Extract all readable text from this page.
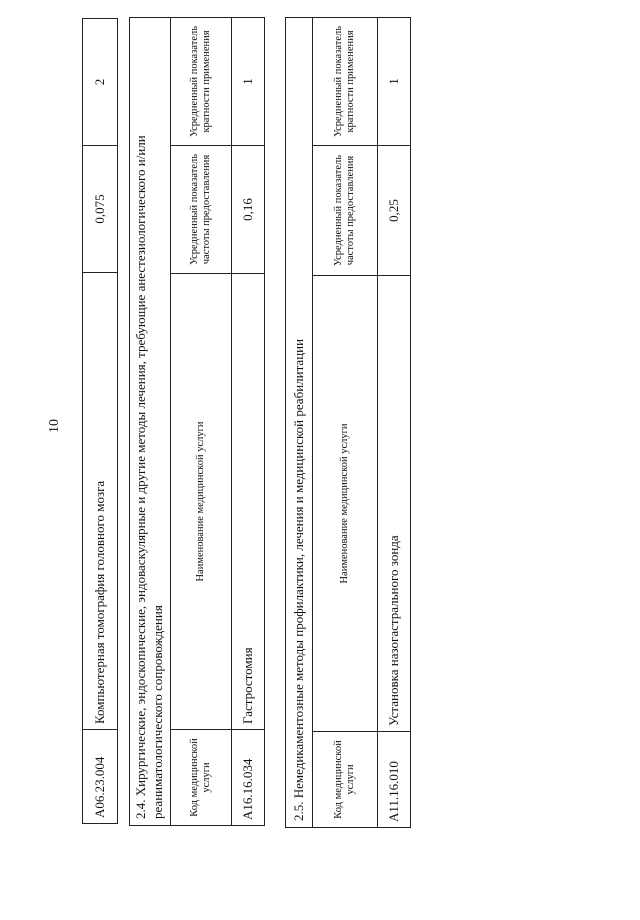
10
A06.23.004	Компьютерная томография головного мозга	0,075	2
2.4. Хирургические, эндоскопические, эндоваскулярные и другие методы лечения, требующие анестезиологического и/или реаниматологического сопровождения			
Код медицинской услуги	Наименование медицинской услуги	Усредненный показатель частоты предоставления	Усредненный показатель кратности применения
A16.16.034	Гастростомия	0,16	1
2.5. Немедикаментозные методы профилактики, лечения и медицинской реабилитации			
Код медицинской услуги	Наименование медицинской услуги	Усредненный показатель частоты предоставления	Усредненный показатель кратности применения
A11.16.010	Установка назогастрального зонда	0,25	1
